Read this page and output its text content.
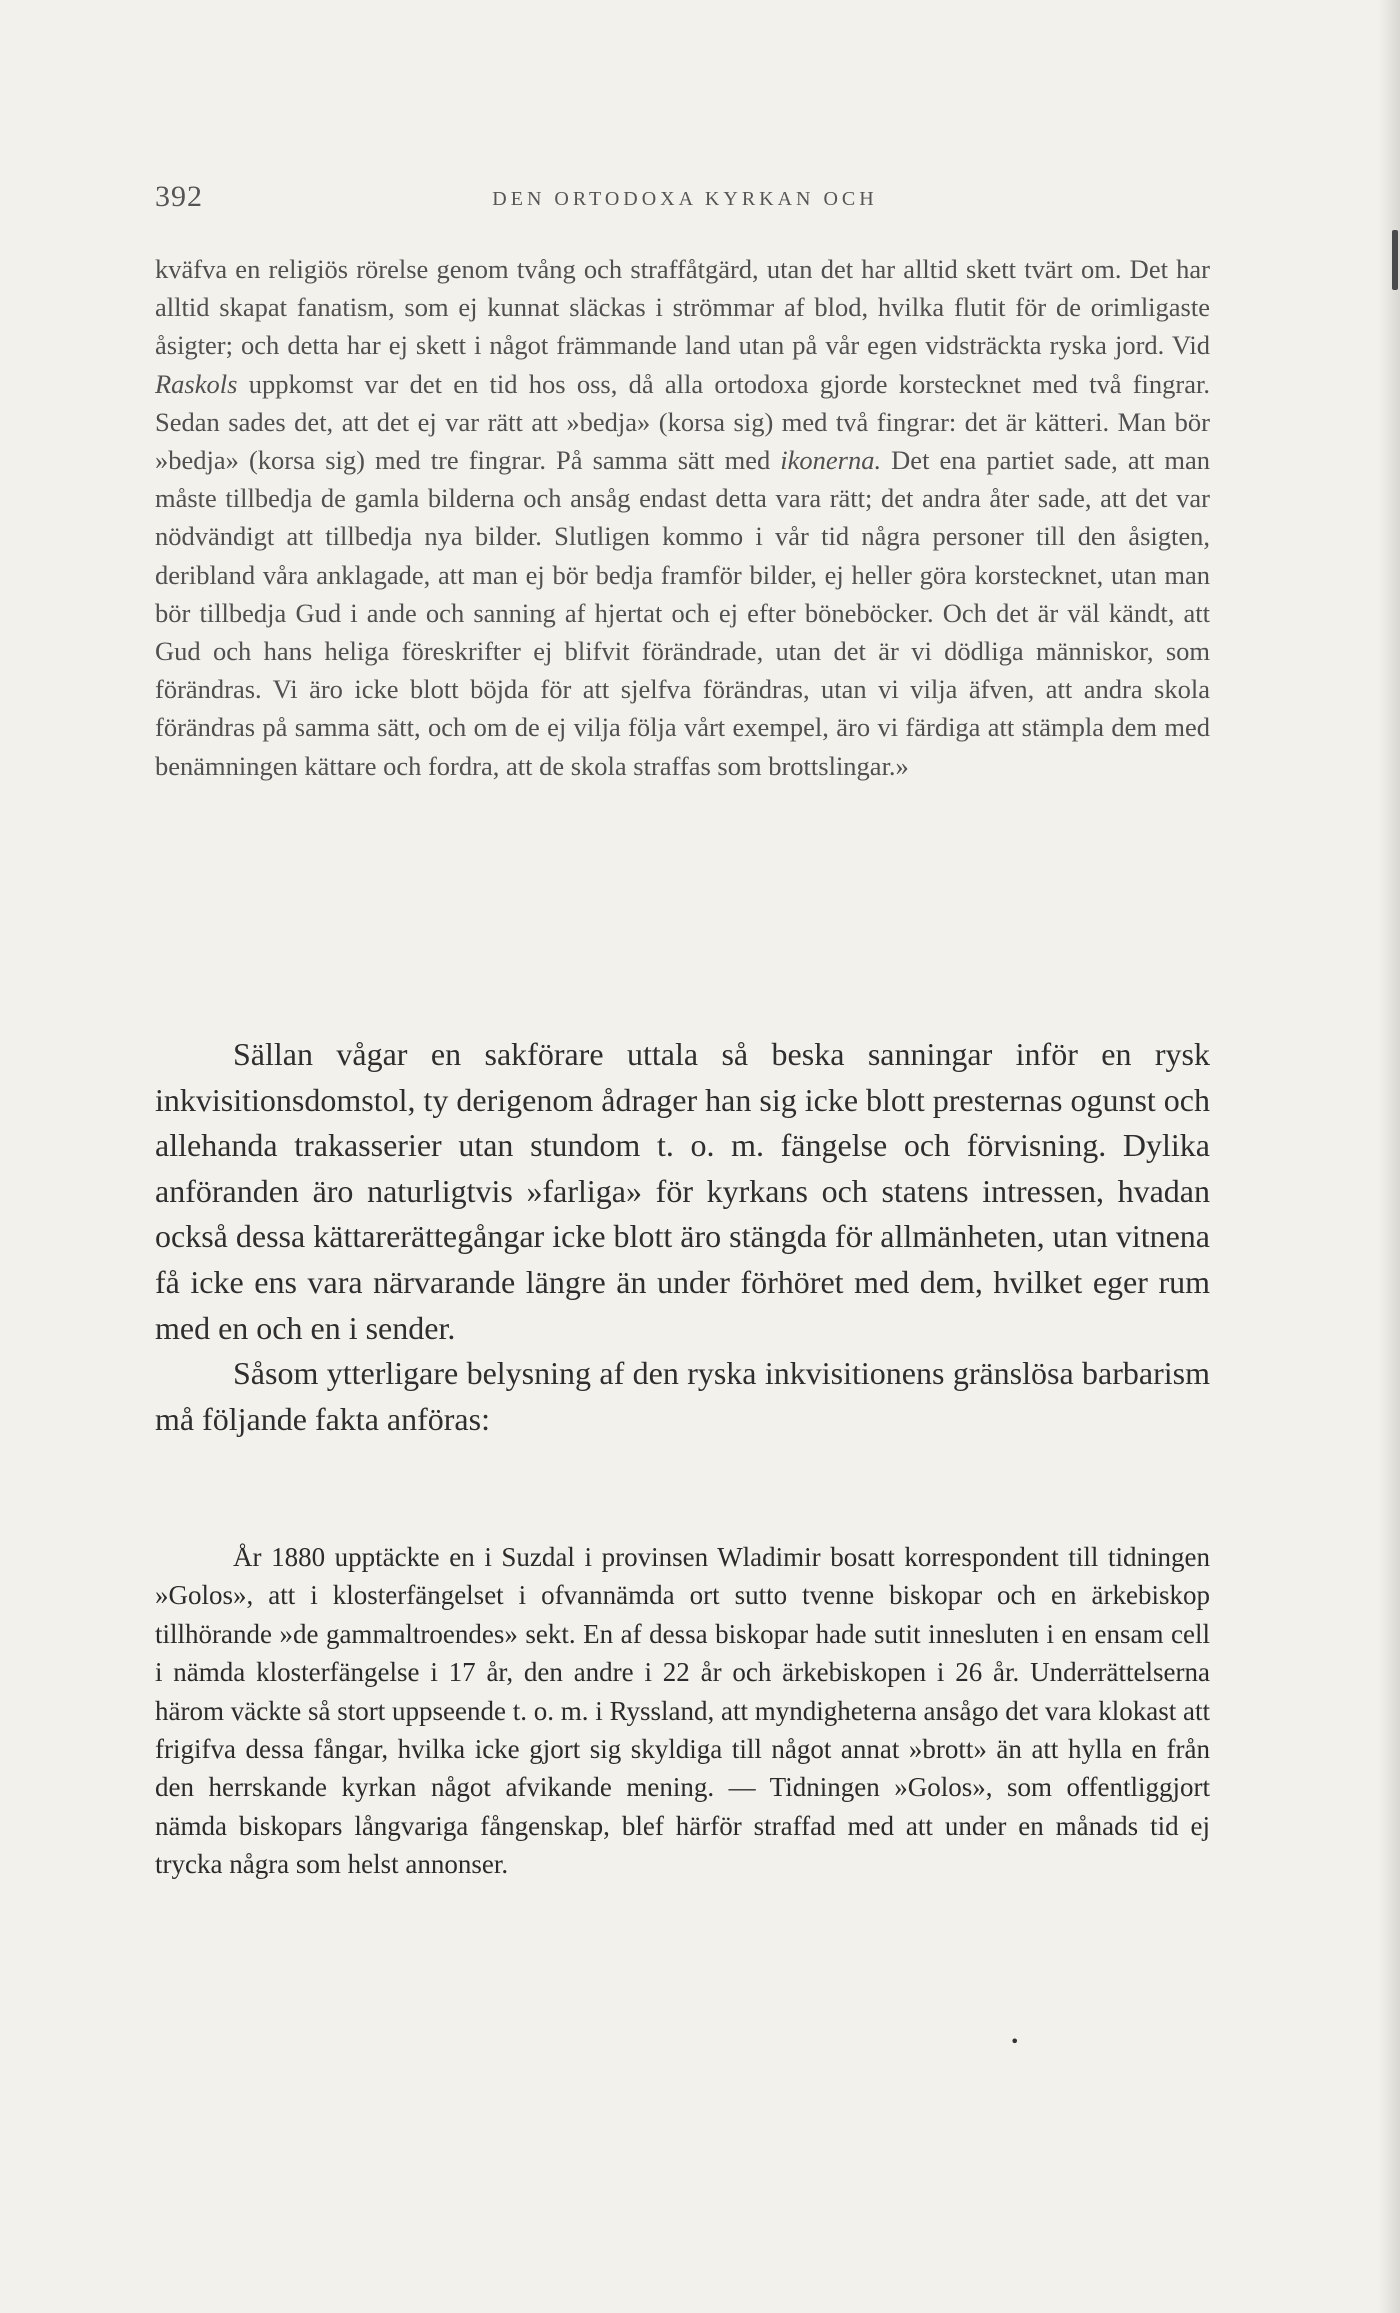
392	DEN ORTODOXA KYRKAN OCH

kväfva en religiös rörelse genom tvång och straffåtgärd, utan det har alltid skett tvärt om. Det har alltid skapat fanatism, som ej kunnat släckas i strömmar af blod, hvilka flutit för de orimligaste åsigter; och detta har ej skett i något främmande land utan på vår egen vidsträckta ryska jord. Vid Raskols uppkomst var det en tid hos oss, då alla ortodoxa gjorde korstecknet med två fingrar. Sedan sades det, att det ej var rätt att »bedja» (korsa sig) med två fingrar: det är kätteri. Man bör »bedja» (korsa sig) med tre fingrar. På samma sätt med ikonerna. Det ena partiet sade, att man måste tillbedja de gamla bilderna och ansåg endast detta vara rätt; det andra åter sade, att det var nödvändigt att tillbedja nya bilder. Slutligen kommo i vår tid några personer till den åsigten, deribland våra anklagade, att man ej bör bedja framför bilder, ej heller göra korstecknet, utan man bör tillbedja Gud i ande och sanning af hjertat och ej efter böneböcker. Och det är väl kändt, att Gud och hans heliga föreskrifter ej blifvit förändrade, utan det är vi dödliga människor, som förändras. Vi äro icke blott böjda för att sjelfva förändras, utan vi vilja äfven, att andra skola förändras på samma sätt, och om de ej vilja följa vårt exempel, äro vi färdiga att stämpla dem med benämningen kättare och fordra, att de skola straffas som brottslingar.»

Sällan vågar en sakförare uttala så beska sanningar inför en rysk inkvisitionsdomstol, ty derigenom ådrager han sig icke blott presternas ogunst och allehanda trakasserier utan stundom t. o. m. fängelse och förvisning. Dylika anföranden äro naturligtvis »farliga» för kyrkans och statens intressen, hvadan också dessa kättarerättegångar icke blott äro stängda för allmänheten, utan vitnena få icke ens vara närvarande längre än under förhöret med dem, hvilket eger rum med en och en i sender.

Såsom ytterligare belysning af den ryska inkvisitionens gränslösa barbarism må följande fakta anföras:

År 1880 upptäckte en i Suzdal i provinsen Wladimir bosatt korrespondent till tidningen »Golos», att i klosterfängelset i ofvannämda ort sutto tvenne biskopar och en ärkebiskop tillhörande »de gammaltroendes» sekt. En af dessa biskopar hade sutit innesluten i en ensam cell i nämda klosterfängelse i 17 år, den andre i 22 år och ärkebiskopen i 26 år. Underrättelserna härom väckte så stort uppseende t. o. m. i Ryssland, att myndigheterna ansågo det vara klokast att frigifva dessa fångar, hvilka icke gjort sig skyldiga till något annat »brott» än att hylla en från den herrskande kyrkan något afvikande mening. — Tidningen »Golos», som offentliggjort nämda biskopars långvariga fångenskap, blef härför straffad med att under en månads tid ej trycka några som helst annonser.

•
